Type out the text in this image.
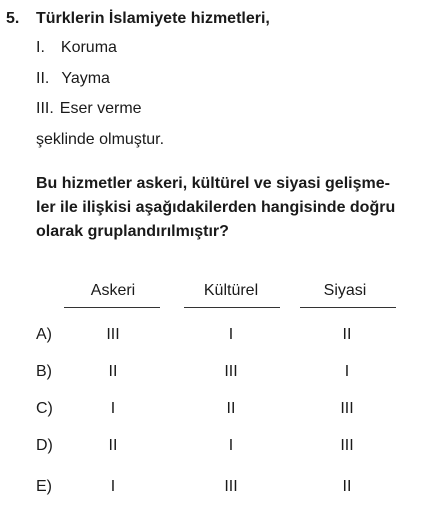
5. Türklerin İslamiyete hizmetleri,
I. Koruma
II. Yayma
III. Eser verme
şeklinde olmuştur.
Bu hizmetler askeri, kültürel ve siyasi gelişme-
ler ile ilişkisi aşağıdakilerden hangisinde doğru
olarak gruplandırılmıştır?
Askeri	Kültürel	Siyasi
A)	III	I	II
B)	II	III	I
C)	I	II	III
D)	II	I	III
E)	I	III	II
